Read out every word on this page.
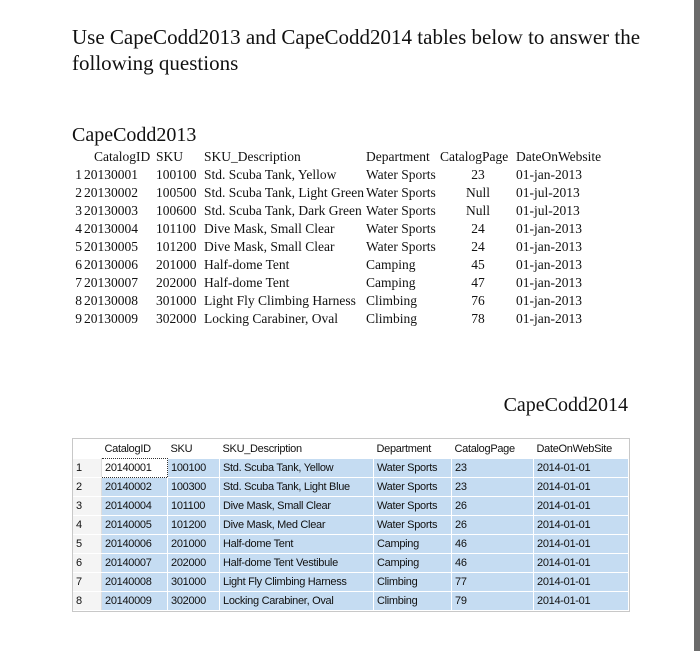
Use CapeCodd2013 and CapeCodd2014 tables below to answer the following questions

CapeCodd2013
	CatalogID	SKU	SKU_Description	Department	CatalogPage	DateOnWebsite
1	20130001	100100	Std. Scuba Tank, Yellow	Water Sports	23	01-jan-2013
2	20130002	100500	Std. Scuba Tank, Light Green	Water Sports	Null	01-jul-2013
3	20130003	100600	Std. Scuba Tank, Dark Green	Water Sports	Null	01-jul-2013
4	20130004	101100	Dive Mask, Small Clear	Water Sports	24	01-jan-2013
5	20130005	101200	Dive Mask, Small Clear	Water Sports	24	01-jan-2013
6	20130006	201000	Half-dome Tent	Camping	45	01-jan-2013
7	20130007	202000	Half-dome Tent	Camping	47	01-jan-2013
8	20130008	301000	Light Fly Climbing Harness	Climbing	76	01-jan-2013
9	20130009	302000	Locking Carabiner, Oval	Climbing	78	01-jan-2013
CapeCodd2014
	CatalogID	SKU	SKU_Description	Department	CatalogPage	DateOnWebSite
1	20140001	100100	Std. Scuba Tank, Yellow	Water Sports	23	2014-01-01
2	20140002	100300	Std. Scuba Tank, Light Blue	Water Sports	23	2014-01-01
3	20140004	101100	Dive Mask, Small Clear	Water Sports	26	2014-01-01
4	20140005	101200	Dive Mask, Med Clear	Water Sports	26	2014-01-01
5	20140006	201000	Half-dome Tent	Camping	46	2014-01-01
6	20140007	202000	Half-dome Tent Vestibule	Camping	46	2014-01-01
7	20140008	301000	Light Fly Climbing Harness	Climbing	77	2014-01-01
8	20140009	302000	Locking Carabiner, Oval	Climbing	79	2014-01-01
